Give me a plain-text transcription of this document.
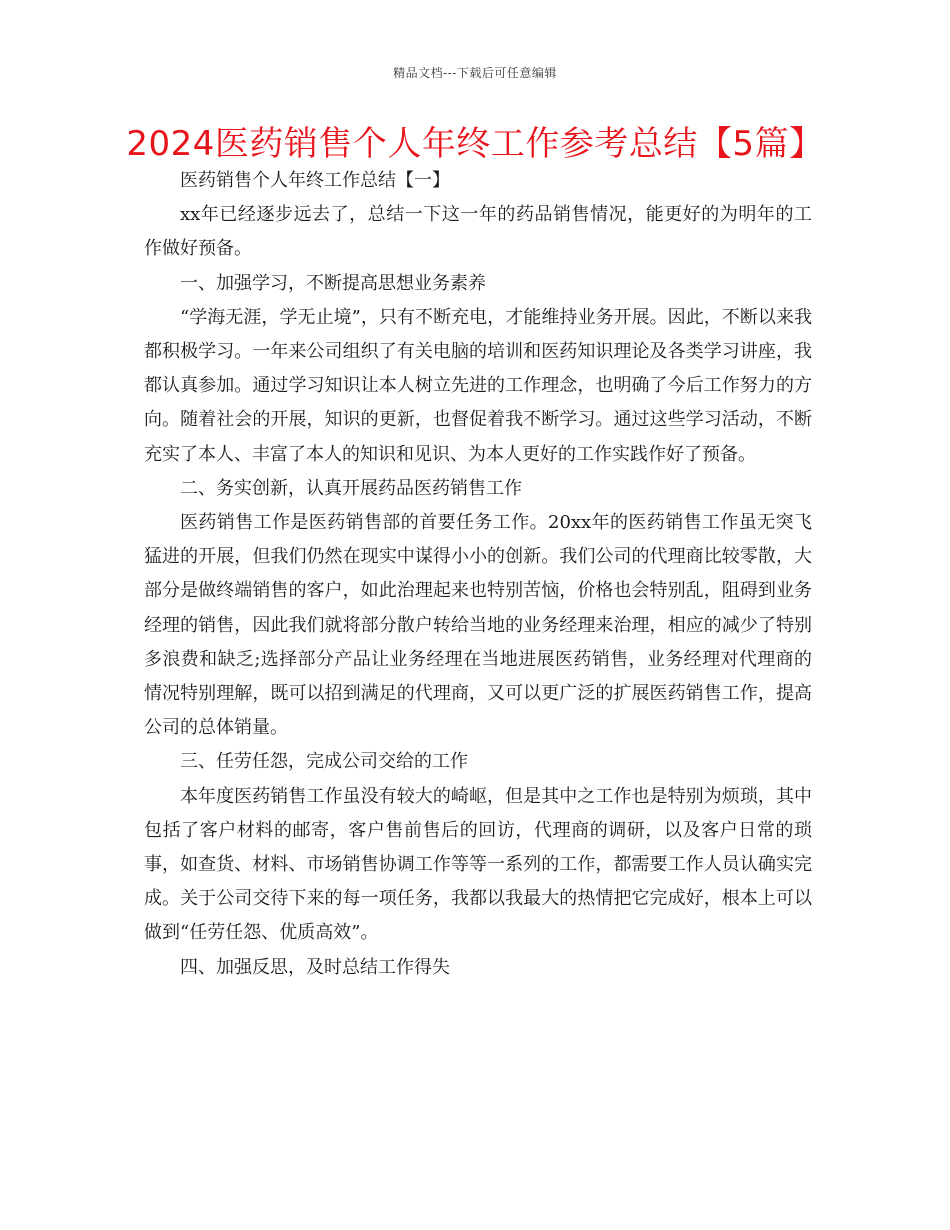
精品文档---下载后可任意编辑
2024医药销售个人年终工作参考总结【5篇】

医药销售个人年终工作总结【一】

xx年已经逐步远去了，总结一下这一年的药品销售情况，能更好的为明年的工作做好预备。

一、加强学习，不断提高思想业务素养

“学海无涯，学无止境”，只有不断充电，才能维持业务开展。因此，不断以来我都积极学习。一年来公司组织了有关电脑的培训和医药知识理论及各类学习讲座，我都认真参加。通过学习知识让本人树立先进的工作理念，也明确了今后工作努力的方向。随着社会的开展，知识的更新，也督促着我不断学习。通过这些学习活动，不断充实了本人、丰富了本人的知识和见识、为本人更好的工作实践作好了预备。

二、务实创新，认真开展药品医药销售工作

医药销售工作是医药销售部的首要任务工作。20xx年的医药销售工作虽无突飞猛进的开展，但我们仍然在现实中谋得小小的创新。我们公司的代理商比较零散，大部分是做终端销售的客户，如此治理起来也特别苦恼，价格也会特别乱，阻碍到业务经理的销售，因此我们就将部分散户转给当地的业务经理来治理，相应的减少了特别多浪费和缺乏;选择部分产品让业务经理在当地进展医药销售，业务经理对代理商的情况特别理解，既可以招到满足的代理商，又可以更广泛的扩展医药销售工作，提高公司的总体销量。

三、任劳任怨，完成公司交给的工作

本年度医药销售工作虽没有较大的崎岖，但是其中之工作也是特别为烦琐，其中包括了客户材料的邮寄，客户售前售后的回访，代理商的调研，以及客户日常的琐事，如查货、材料、市场销售协调工作等等一系列的工作，都需要工作人员认确实完成。关于公司交待下来的每一项任务，我都以我最大的热情把它完成好，根本上可以做到“任劳任怨、优质高效”。

四、加强反思，及时总结工作得失
